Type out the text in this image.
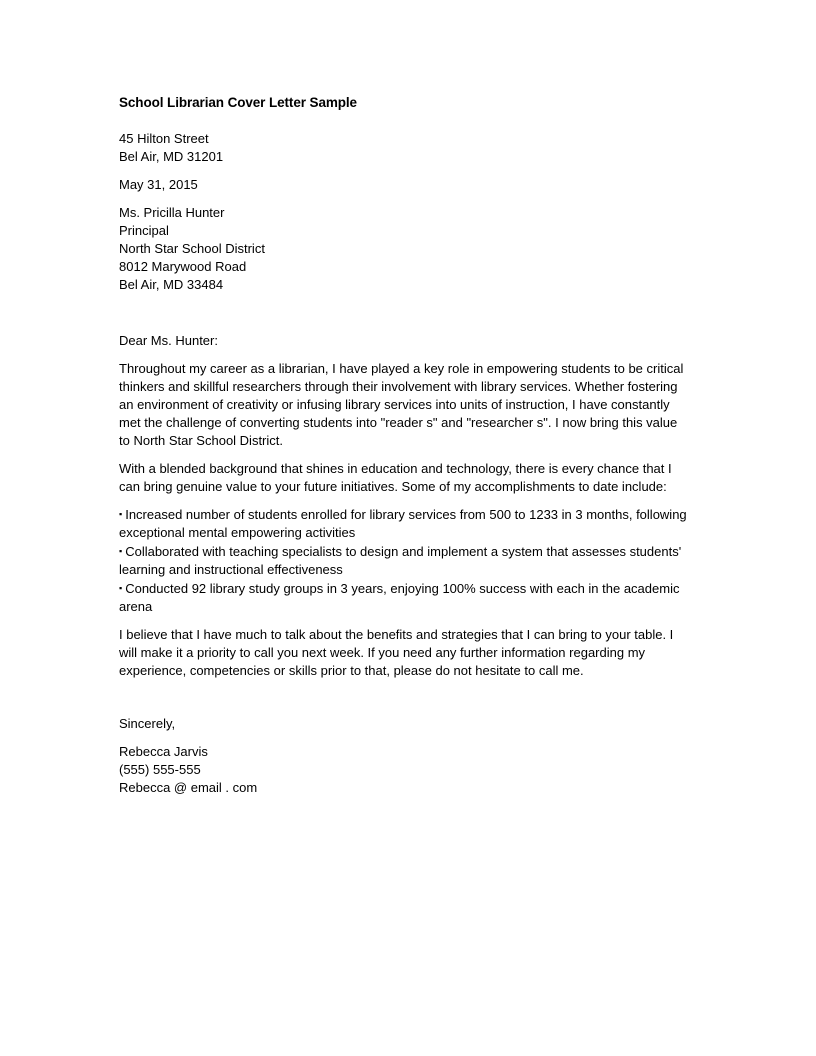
School Librarian Cover Letter Sample
45 Hilton Street
Bel Air, MD 31201
May 31, 2015
Ms. Pricilla Hunter
Principal
North Star School District
8012 Marywood Road
Bel Air, MD 33484
Dear Ms. Hunter:

Throughout my career as a librarian, I have played a key role in empowering students to be critical thinkers and skillful researchers through their involvement with library services. Whether fostering an environment of creativity or infusing library services into units of instruction, I have constantly met the challenge of converting students into "reader s" and "researcher s". I now bring this value to North Star School District.

With a blended background that shines in education and technology, there is every chance that I can bring genuine value to your future initiatives. Some of my accomplishments to date include:

▪ Increased number of students enrolled for library services from 500 to 1233 in 3 months, following exceptional mental empowering activities
▪ Collaborated with teaching specialists to design and implement a system that assesses students' learning and instructional effectiveness
▪ Conducted 92 library study groups in 3 years, enjoying 100% success with each in the academic arena

I believe that I have much to talk about the benefits and strategies that I can bring to your table. I will make it a priority to call you next week. If you need any further information regarding my experience, competencies or skills prior to that, please do not hesitate to call me.

Sincerely,
Rebecca Jarvis
(555) 555-555
Rebecca @ email . com
